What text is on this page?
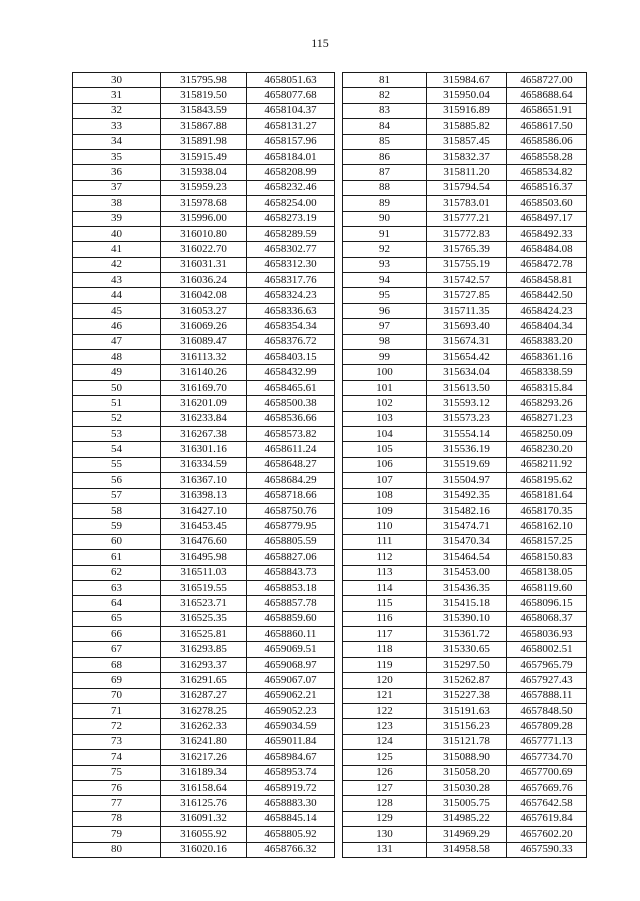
115
30	315795.98	4658051.63
31	315819.50	4658077.68
32	315843.59	4658104.37
33	315867.88	4658131.27
34	315891.98	4658157.96
35	315915.49	4658184.01
36	315938.04	4658208.99
37	315959.23	4658232.46
38	315978.68	4658254.00
39	315996.00	4658273.19
40	316010.80	4658289.59
41	316022.70	4658302.77
42	316031.31	4658312.30
43	316036.24	4658317.76
44	316042.08	4658324.23
45	316053.27	4658336.63
46	316069.26	4658354.34
47	316089.47	4658376.72
48	316113.32	4658403.15
49	316140.26	4658432.99
50	316169.70	4658465.61
51	316201.09	4658500.38
52	316233.84	4658536.66
53	316267.38	4658573.82
54	316301.16	4658611.24
55	316334.59	4658648.27
56	316367.10	4658684.29
57	316398.13	4658718.66
58	316427.10	4658750.76
59	316453.45	4658779.95
60	316476.60	4658805.59
61	316495.98	4658827.06
62	316511.03	4658843.73
63	316519.55	4658853.18
64	316523.71	4658857.78
65	316525.35	4658859.60
66	316525.81	4658860.11
67	316293.85	4659069.51
68	316293.37	4659068.97
69	316291.65	4659067.07
70	316287.27	4659062.21
71	316278.25	4659052.23
72	316262.33	4659034.59
73	316241.80	4659011.84
74	316217.26	4658984.67
75	316189.34	4658953.74
76	316158.64	4658919.72
77	316125.76	4658883.30
78	316091.32	4658845.14
79	316055.92	4658805.92
80	316020.16	4658766.32
81	315984.67	4658727.00
82	315950.04	4658688.64
83	315916.89	4658651.91
84	315885.82	4658617.50
85	315857.45	4658586.06
86	315832.37	4658558.28
87	315811.20	4658534.82
88	315794.54	4658516.37
89	315783.01	4658503.60
90	315777.21	4658497.17
91	315772.83	4658492.33
92	315765.39	4658484.08
93	315755.19	4658472.78
94	315742.57	4658458.81
95	315727.85	4658442.50
96	315711.35	4658424.23
97	315693.40	4658404.34
98	315674.31	4658383.20
99	315654.42	4658361.16
100	315634.04	4658338.59
101	315613.50	4658315.84
102	315593.12	4658293.26
103	315573.23	4658271.23
104	315554.14	4658250.09
105	315536.19	4658230.20
106	315519.69	4658211.92
107	315504.97	4658195.62
108	315492.35	4658181.64
109	315482.16	4658170.35
110	315474.71	4658162.10
111	315470.34	4658157.25
112	315464.54	4658150.83
113	315453.00	4658138.05
114	315436.35	4658119.60
115	315415.18	4658096.15
116	315390.10	4658068.37
117	315361.72	4658036.93
118	315330.65	4658002.51
119	315297.50	4657965.79
120	315262.87	4657927.43
121	315227.38	4657888.11
122	315191.63	4657848.50
123	315156.23	4657809.28
124	315121.78	4657771.13
125	315088.90	4657734.70
126	315058.20	4657700.69
127	315030.28	4657669.76
128	315005.75	4657642.58
129	314985.22	4657619.84
130	314969.29	4657602.20
131	314958.58	4657590.33
